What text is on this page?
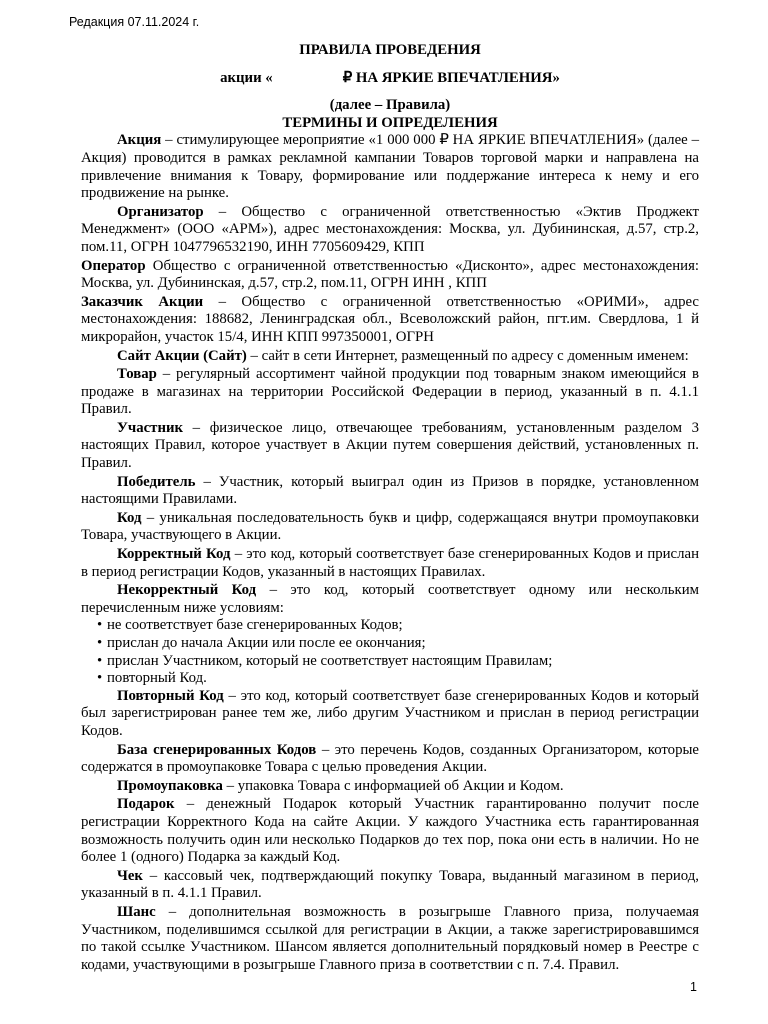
Редакция 07.11.2024 г.
ПРАВИЛА ПРОВЕДЕНИЯ
акции «	₽ НА ЯРКИЕ ВПЕЧАТЛЕНИЯ»
(далее – Правила)
ТЕРМИНЫ И ОПРЕДЕЛЕНИЯ

Акция – стимулирующее мероприятие «1 000 000 ₽ НА ЯРКИЕ ВПЕЧАТЛЕНИЯ» (далее – Акция) проводится в рамках рекламной кампании Товаров торговой марки и направлена на привлечение внимания к Товару, формирование или поддержание интереса к нему и его продвижение на рынке.

Организатор – Общество с ограниченной ответственностью «Эктив Проджект Менеджмент» (ООО «АРМ»), адрес местонахождения: Москва, ул. Дубининская, д.57, стр.2, пом.11, ОГРН 1047796532190, ИНН 7705609429, КПП

Оператор Общество с ограниченной ответственностью «Дисконто», адрес местонахождения: Москва, ул. Дубининская, д.57, стр.2, пом.11, ОГРН ИНН , КПП

Заказчик Акции – Общество с ограниченной ответственностью «ОРИМИ», адрес местонахождения: 188682, Ленинградская обл., Всеволожский район, пгт.им. Свердлова, 1 й микрорайон, участок 15/4, ИНН КПП 997350001, ОГРН

Сайт Акции (Сайт) – сайт в сети Интернет, размещенный по адресу с доменным именем:

Товар – регулярный ассортимент чайной продукции под товарным знаком имеющийся в продаже в магазинах на территории Российской Федерации в период, указанный в п. 4.1.1 Правил.

Участник – физическое лицо, отвечающее требованиям, установленным разделом 3 настоящих Правил, которое участвует в Акции путем совершения действий, установленных п. Правил.

Победитель – Участник, который выиграл один из Призов в порядке, установленном настоящими Правилами.

Код – уникальная последовательность букв и цифр, содержащаяся внутри промоупаковки Товара, участвующего в Акции.

Корректный Код – это код, который соответствует базе сгенерированных Кодов и прислан в период регистрации Кодов, указанный в настоящих Правилах.

Некорректный Код – это код, который соответствует одному или нескольким перечисленным ниже условиям:

• не соответствует базе сгенерированных Кодов;
• прислан до начала Акции или после ее окончания;
• прислан Участником, который не соответствует настоящим Правилам;
• повторный Код.

Повторный Код – это код, который соответствует базе сгенерированных Кодов и который был зарегистрирован ранее тем же, либо другим Участником и прислан в период регистрации Кодов.

База сгенерированных Кодов – это перечень Кодов, созданных Организатором, которые содержатся в промоупаковке Товара с целью проведения Акции.

Промоупаковка – упаковка Товара с информацией об Акции и Кодом.

Подарок – денежный Подарок который Участник гарантированно получит после регистрации Корректного Кода на сайте Акции. У каждого Участника есть гарантированная возможность получить один или несколько Подарков до тех пор, пока они есть в наличии. Но не более 1 (одного) Подарка за каждый Код.

Чек – кассовый чек, подтверждающий покупку Товара, выданный магазином в период, указанный в п. 4.1.1 Правил.

Шанс – дополнительная возможность в розыгрыше Главного приза, получаемая Участником, поделившимся ссылкой для регистрации в Акции, а также зарегистрировавшимся по такой ссылке Участником. Шансом является дополнительный порядковый номер в Реестре с кодами, участвующими в розыгрыше Главного приза в соответствии с п. 7.4. Правил.

1
